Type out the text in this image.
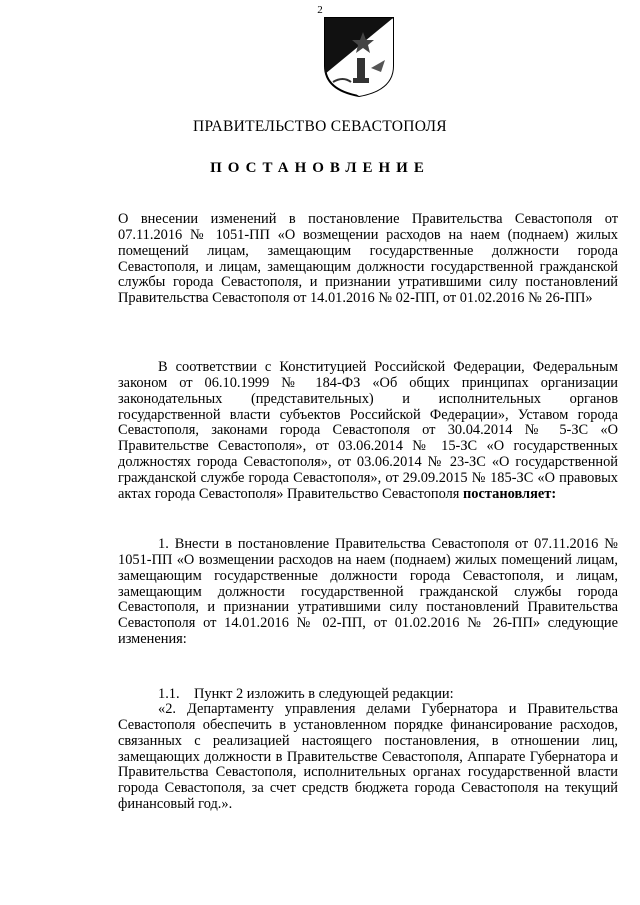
2
ПРАВИТЕЛЬСТВО СЕВАСТОПОЛЯ
ПОСТАНОВЛЕНИЕ
О внесении изменений в постановление Правительства Севастополя от 07.11.2016 № 1051-ПП «О возмещении расходов на наем (поднаем) жилых помещений лицам, замещающим государственные должности города Севастополя, и лицам, замещающим должности государственной гражданской службы города Севастополя, и признании утратившими силу постановлений Правительства Севастополя от 14.01.2016 № 02-ПП, от 01.02.2016 № 26-ПП»
В соответствии с Конституцией Российской Федерации, Федеральным законом от 06.10.1999 № 184-ФЗ «Об общих принципах организации законодательных (представительных) и исполнительных органов государственной власти субъектов Российской Федерации», Уставом города Севастополя, законами города Севастополя от 30.04.2014 № 5-ЗС «О Правительстве Севастополя», от 03.06.2014 № 15-ЗС «О государственных должностях города Севастополя», от 03.06.2014 № 23-ЗС «О государственной гражданской службе города Севастополя», от 29.09.2015 № 185-ЗС «О правовых актах города Севастополя» Правительство Севастополя постановляет:
1. Внести в постановление Правительства Севастополя от 07.11.2016 № 1051-ПП «О возмещении расходов на наем (поднаем) жилых помещений лицам, замещающим государственные должности города Севастополя, и лицам, замещающим должности государственной гражданской службы города Севастополя, и признании утратившими силу постановлений Правительства Севастополя от 14.01.2016 № 02-ПП, от 01.02.2016 № 26-ПП» следующие изменения:
1.1.    Пункт 2 изложить в следующей редакции:
«2. Департаменту управления делами Губернатора и Правительства Севастополя обеспечить в установленном порядке финансирование расходов, связанных с реализацией настоящего постановления, в отношении лиц, замещающих должности в Правительстве Севастополя, Аппарате Губернатора и Правительства Севастополя, исполнительных органах государственной власти города Севастополя, за счет средств бюджета города Севастополя на текущий финансовый год.».
